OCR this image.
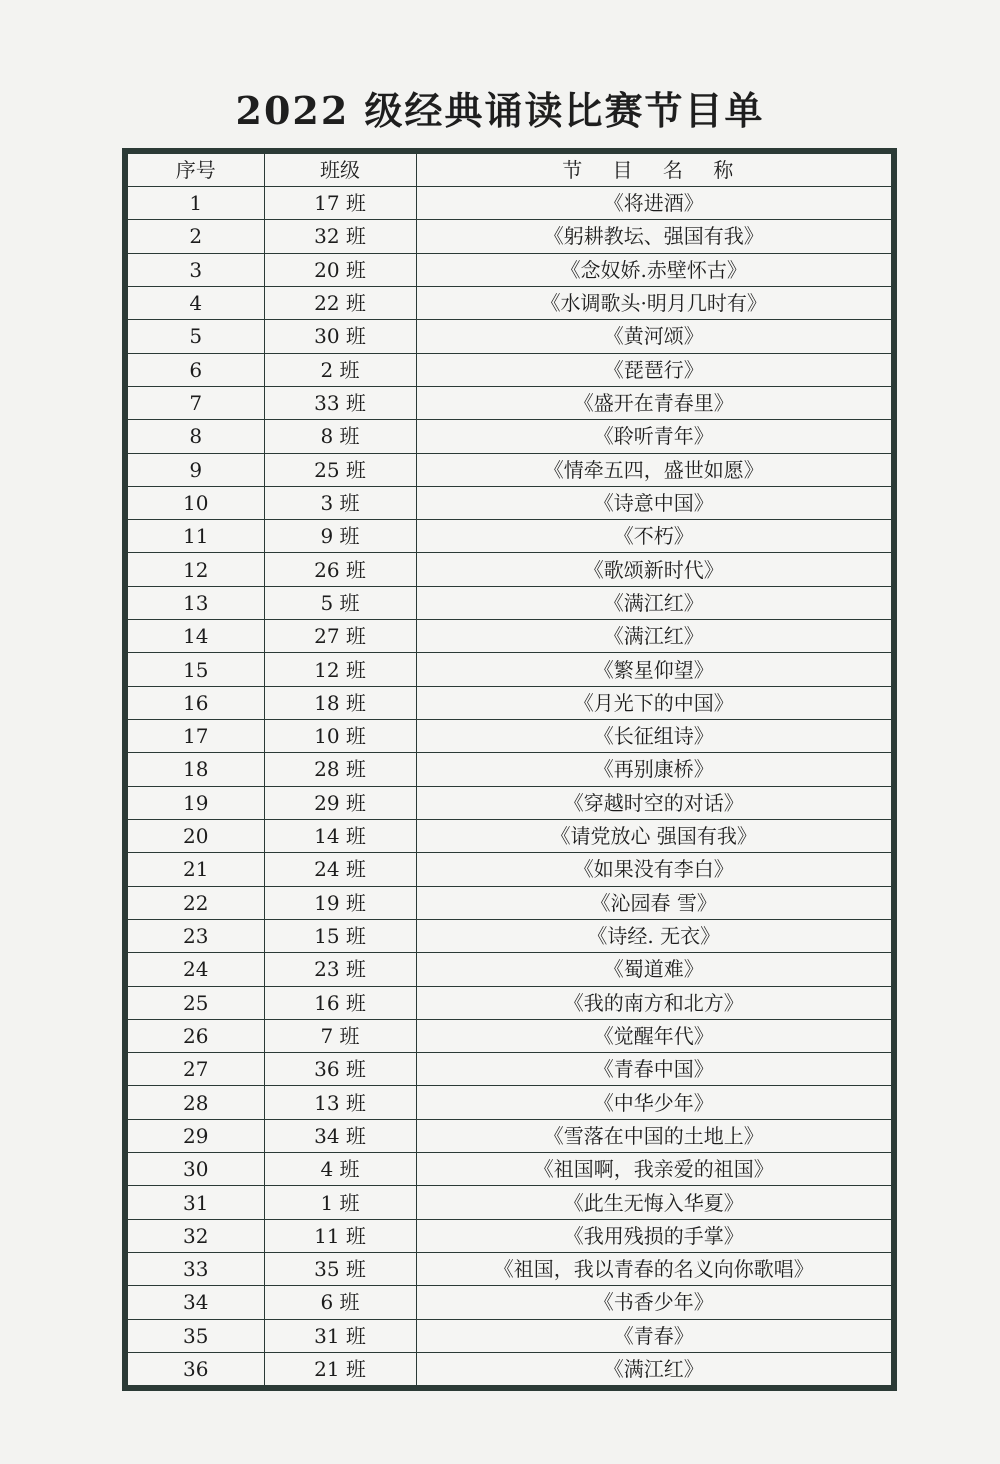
2022 级经典诵读比赛节目单
序号	班级	节 目 名 称
1	17 班	《将进酒》
2	32 班	《躬耕教坛、强国有我》
3	20 班	《念奴娇.赤壁怀古》
4	22 班	《水调歌头·明月几时有》
5	30 班	《黄河颂》
6	2 班	《琵琶行》
7	33 班	《盛开在青春里》
8	8 班	《聆听青年》
9	25 班	《情牵五四，盛世如愿》
10	3 班	《诗意中国》
11	9 班	《不朽》
12	26 班	《歌颂新时代》
13	5 班	《满江红》
14	27 班	《满江红》
15	12 班	《繁星仰望》
16	18 班	《月光下的中国》
17	10 班	《长征组诗》
18	28 班	《再别康桥》
19	29 班	《穿越时空的对话》
20	14 班	《请党放心 强国有我》
21	24 班	《如果没有李白》
22	19 班	《沁园春 雪》
23	15 班	《诗经. 无衣》
24	23 班	《蜀道难》
25	16 班	《我的南方和北方》
26	7 班	《觉醒年代》
27	36 班	《青春中国》
28	13 班	《中华少年》
29	34 班	《雪落在中国的土地上》
30	4 班	《祖国啊，我亲爱的祖国》
31	1 班	《此生无悔入华夏》
32	11 班	《我用残损的手掌》
33	35 班	《祖国，我以青春的名义向你歌唱》
34	6 班	《书香少年》
35	31 班	《青春》
36	21 班	《满江红》
